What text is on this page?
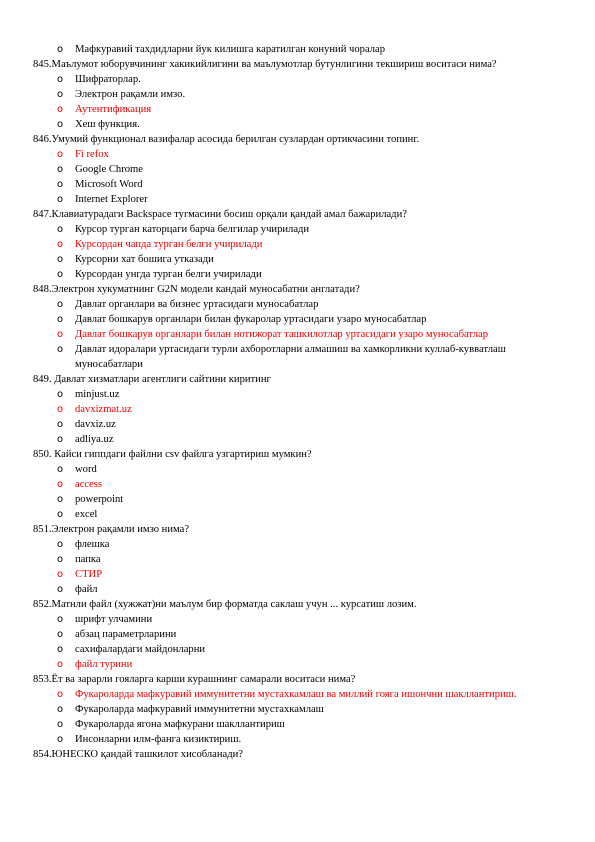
o Мафкуравий тахдидларни йук килишга каратилган конуний чоралар
845.Маълумот юборувчининг хакикийлигини ва маълумотлар бутунлигини текшириш воситаси нима?
o Шифраторлар.
o Электрон рақамли имзо.
o Аутентификация
o Хеш функция.
846.Умумий функционал вазифалар асосида берилган сузлардан ортикчасини топинг.
o Fi refox
o Google Chrome
o Microsoft Word
o Internet Explorer
847.Клавиатурадаги Backspace тугмасини босиш орқали қандай амал бажарилади?
o Курсор турган каторцаги барча белгилар учирилади
o Курсордан чапда турган белги учирилади
o Курсорни хат бошига утказади
o Курсордан унгда турган белги учирилади
848.Электрон хукуматнинг G2N модели кандай муносабатни англатади?
o Давлат органлари ва бизнес уртасидаги муносабатлар
o Давлат бошкарув органлари билан фукаролар уртасидаги узаро муносабатлар
o Давлат бошкарув органлари билан нотижорат ташкилотлар уртасидаги узаро муносабатлар
o Давлат идоралари уртасидаги турли ахборотларни алмашиш ва хамкорликни куллаб-кувватлаш муносабатлари
849. Давлат хизматлари агентлиги сайтини киритинг
o minjust.uz
o davxizmat.uz
o davxiz.uz
o adliya.uz
850. Кайси гиппдаги файлни csv файлга узгартириш мумкин?
o word
o access
o powerpoint
o excel
851.Электрон рақамли имзо нима?
o флешка
o папка
o СТИР
o файл
852.Матнли файл (хужжат)ни маълум бир форматда саклаш учун ... курсатиш лозим.
o шрифт улчамини
o абзац параметрларини
o сахифалардаги майдонларни
o файл турини
853.Ёт ва зарарли гояларга карши курашнинг самарали воситаси нима?
o Фукароларда мафкуравий иммунитетни мустахкамлаш ва миллий гояга ишончни шакллантириш.
o Фукароларда мафкуравий иммунитетни мустахкамлаш
o Фукароларда ягона мафкурани шакллантириш
o Инсонларни илм-фанга кизиктириш.
854.ЮНЕСКО қандай ташкилот хисобланади?
